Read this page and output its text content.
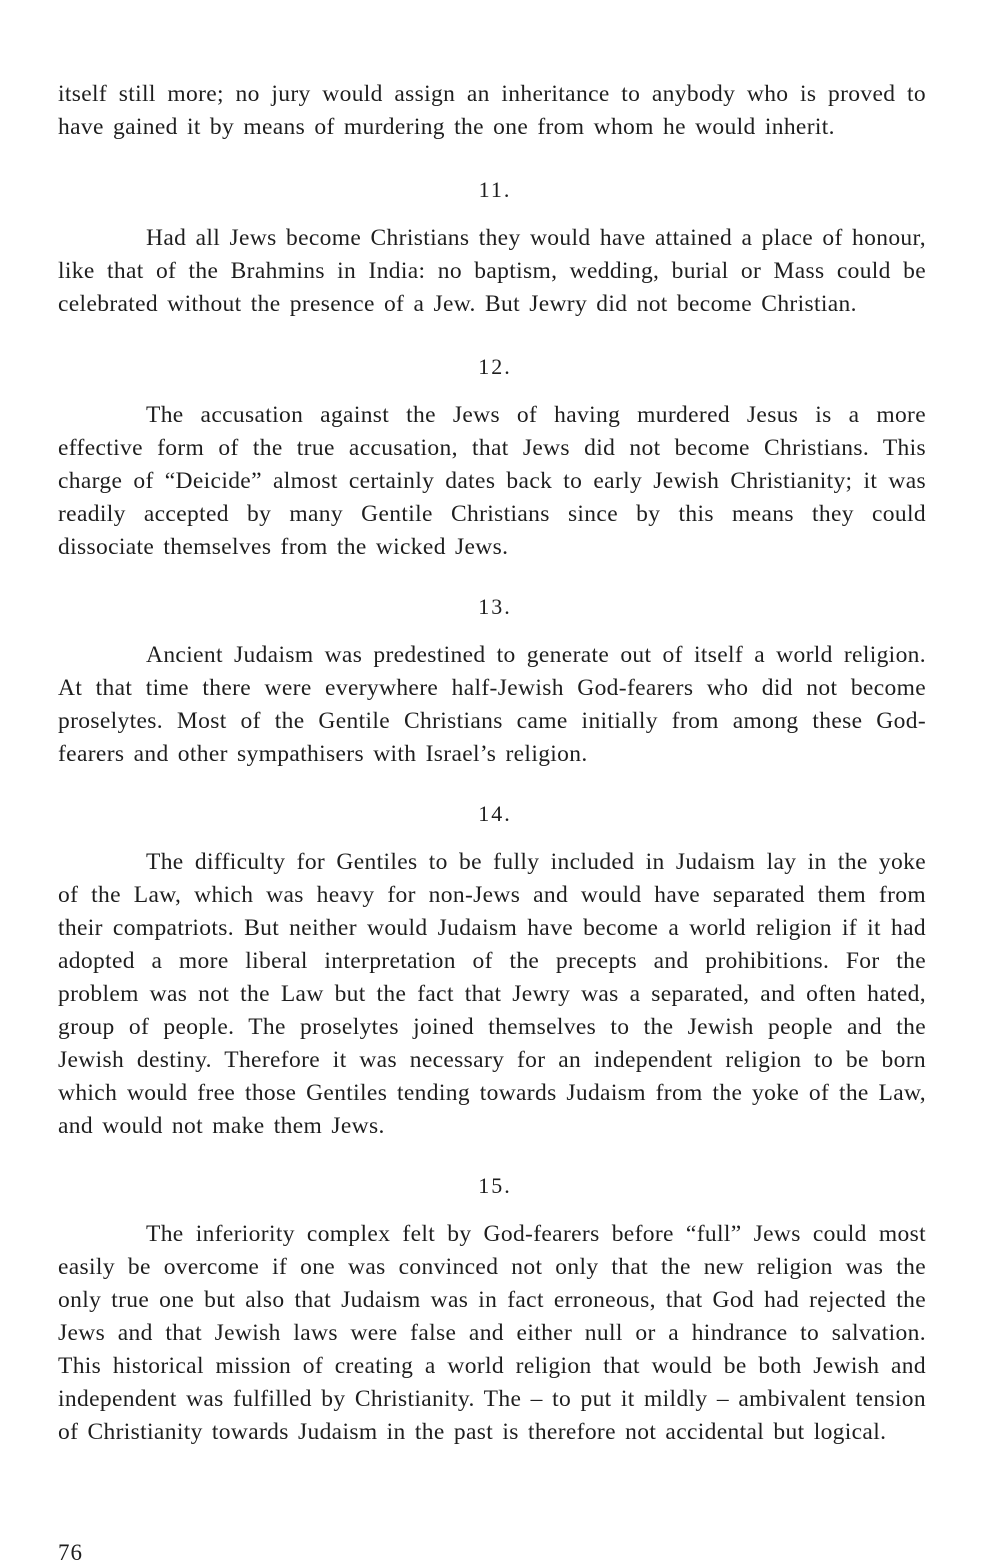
itself still more; no jury would assign an inheritance to anybody who is proved to have gained it by means of murdering the one from whom he would inherit.

11.

Had all Jews become Christians they would have attained a place of honour, like that of the Brahmins in India: no baptism, wedding, burial or Mass could be celebrated without the presence of a Jew. But Jewry did not become Christian.

12.

The accusation against the Jews of having murdered Jesus is a more effective form of the true accusation, that Jews did not become Christians. This charge of “Deicide” almost certainly dates back to early Jewish Christianity; it was readily accepted by many Gentile Christians since by this means they could dissociate themselves from the wicked Jews.

13.

Ancient Judaism was predestined to generate out of itself a world religion. At that time there were everywhere half-Jewish God-fearers who did not become proselytes. Most of the Gentile Christians came initially from among these God-fearers and other sympathisers with Israel’s religion.

14.

The difficulty for Gentiles to be fully included in Judaism lay in the yoke of the Law, which was heavy for non-Jews and would have separated them from their compatriots. But neither would Judaism have become a world religion if it had adopted a more liberal interpretation of the precepts and prohibitions. For the problem was not the Law but the fact that Jewry was a separated, and often hated, group of people. The proselytes joined themselves to the Jewish people and the Jewish destiny. Therefore it was necessary for an independent religion to be born which would free those Gentiles tending towards Judaism from the yoke of the Law, and would not make them Jews.

15.

The inferiority complex felt by God-fearers before “full” Jews could most easily be overcome if one was convinced not only that the new religion was the only true one but also that Judaism was in fact erroneous, that God had rejected the Jews and that Jewish laws were false and either null or a hindrance to salvation. This historical mission of creating a world religion that would be both Jewish and independent was fulfilled by Christianity. The – to put it mildly – ambivalent tension of Christianity towards Judaism in the past is therefore not accidental but logical.

76
